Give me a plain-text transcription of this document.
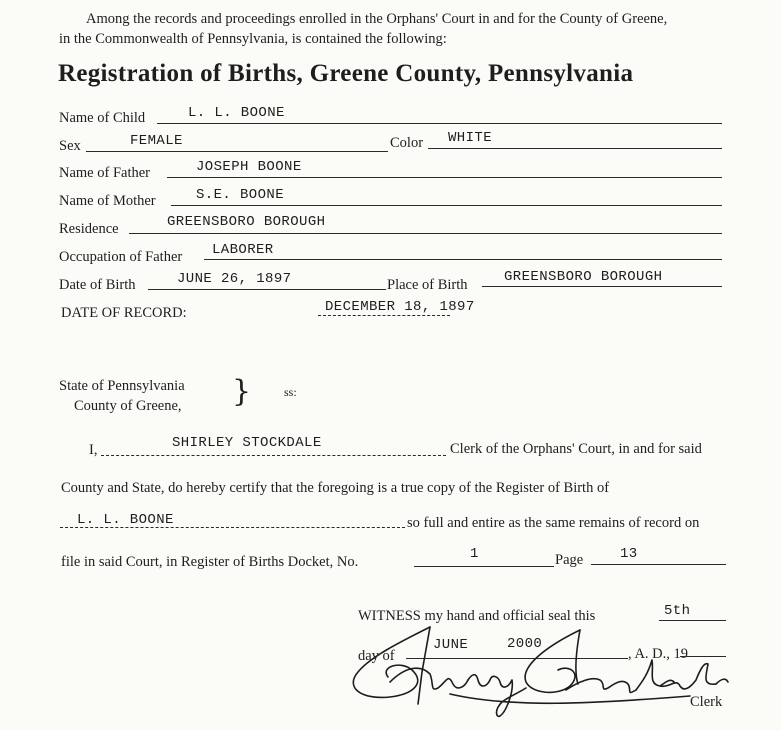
Among the records and proceedings enrolled in the Orphans' Court in and for the County of Greene,
in the Commonwealth of Pennsylvania, is contained the following:
Registration of Births, Greene County, Pennsylvania
Name of Child	L. L. BOONE
Sex	FEMALE	Color WHITE
Name of Father	JOSEPH BOONE
Name of Mother	S.E. BOONE
Residence	GREENSBORO BOROUGH
Occupation of Father LABORER
Date of Birth	JUNE 26, 1897	Place of Birth	GREENSBORO BOROUGH
DATE OF RECORD:	DECEMBER 18, 1897
State of Pennsylvania
County of Greene, }	ss:
I,	SHIRLEY STOCKDALE	Clerk of the Orphans' Court, in and for said
County and State, do hereby certify that the foregoing is a true copy of the Register of Birth of
L. L. BOONE	so full and entire as the same remains of record on
file in said Court, in Register of Births Docket, No.	1	Page	13
WITNESS my hand and official seal this	5th
day of
JUNE	2000
, A. D., 19
Clerk
